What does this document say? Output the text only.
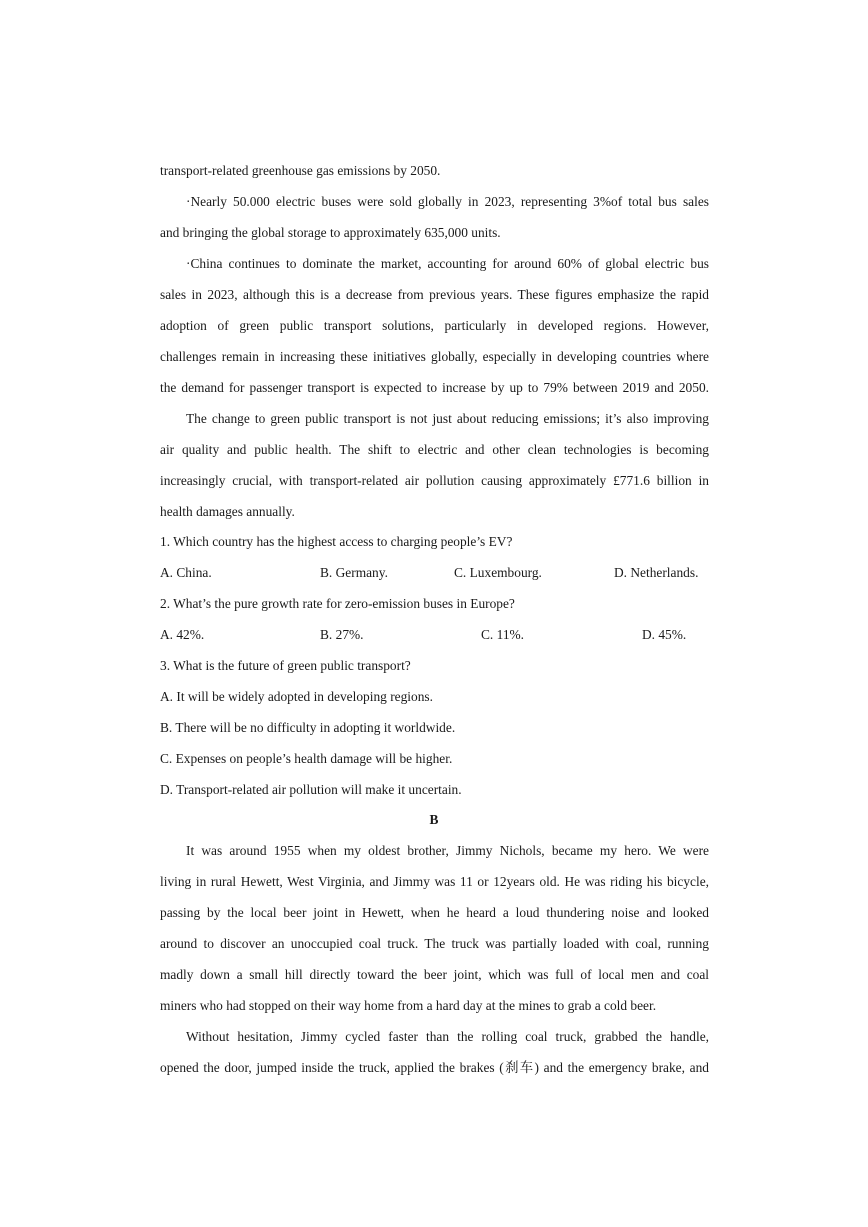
transport-related greenhouse gas emissions by 2050.
·Nearly 50.000 electric buses were sold globally in 2023, representing 3%of total bus sales
and bringing the global storage to approximately 635,000 units.
·China continues to dominate the market, accounting for around 60% of global electric bus
sales in 2023, although this is a decrease from previous years. These figures emphasize the rapid
adoption of green public transport solutions, particularly in developed regions. However,
challenges remain in increasing these initiatives globally, especially in developing countries where
the demand for passenger transport is expected to increase by up to 79% between 2019 and 2050.
The change to green public transport is not just about reducing emissions; it’s also improving
air quality and public health. The shift to electric and other clean technologies is becoming
increasingly crucial, with transport-related air pollution causing approximately £771.6 billion in
health damages annually.
1. Which country has the highest access to charging people’s EV?
A. China.	B. Germany.	C. Luxembourg.	D. Netherlands.
2. What’s the pure growth rate for zero-emission buses in Europe?
A. 42%.	B. 27%.	C. 11%.	D. 45%.
3. What is the future of green public transport?
A. It will be widely adopted in developing regions.
B. There will be no difficulty in adopting it worldwide.
C. Expenses on people’s health damage will be higher.
D. Transport-related air pollution will make it uncertain.
B
It was around 1955 when my oldest brother, Jimmy Nichols, became my hero. We were
living in rural Hewett, West Virginia, and Jimmy was 11 or 12years old. He was riding his bicycle,
passing by the local beer joint in Hewett, when he heard a loud thundering noise and looked
around to discover an unoccupied coal truck. The truck was partially loaded with coal, running
madly down a small hill directly toward the beer joint, which was full of local men and coal
miners who had stopped on their way home from a hard day at the mines to grab a cold beer.
Without hesitation, Jimmy cycled faster than the rolling coal truck, grabbed the handle,
opened the door, jumped inside the truck, applied the brakes (刹车) and the emergency brake, and
